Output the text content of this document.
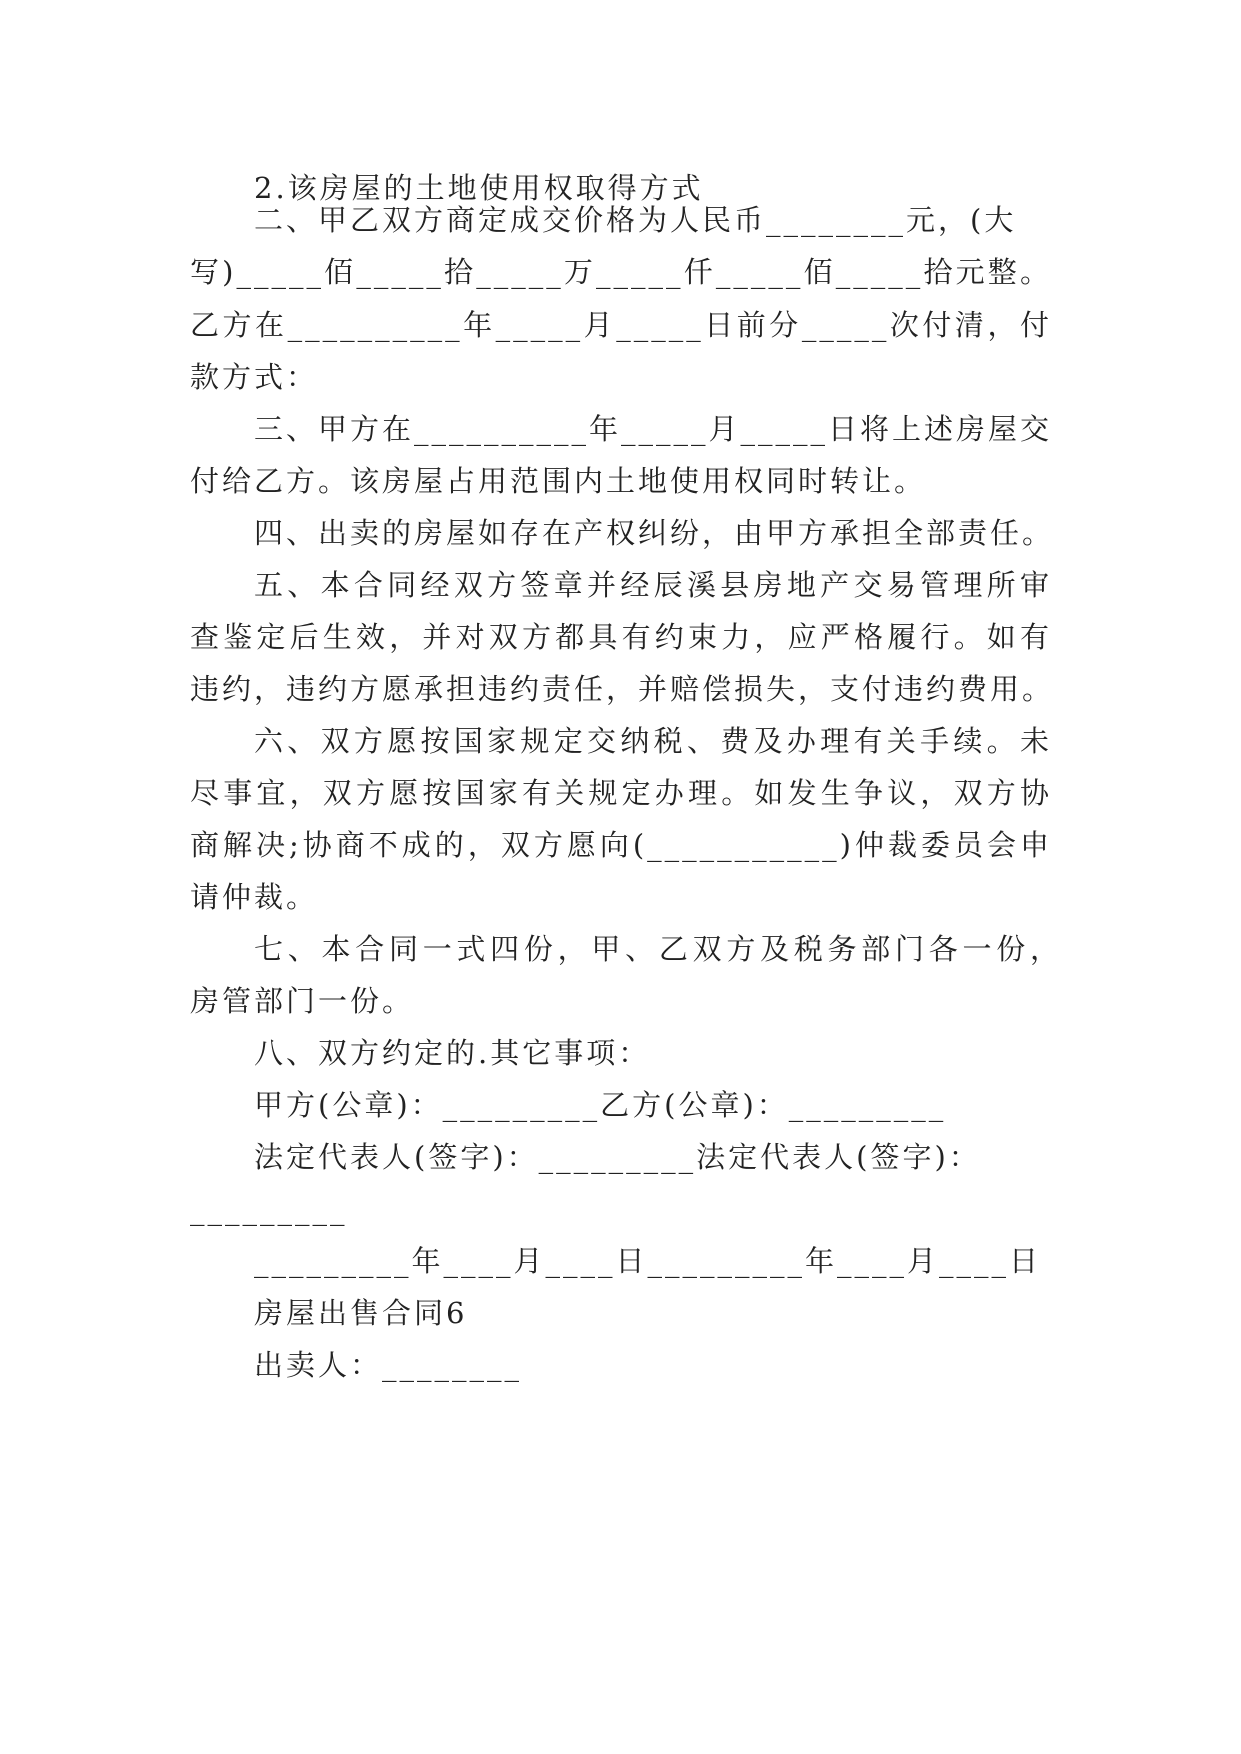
2.该房屋的土地使用权取得方式
二、甲乙双方商定成交价格为人民币________元，(大
写)_____佰_____拾_____万_____仟_____佰_____拾元整。
乙方在__________年_____月_____日前分_____次付清，付
款方式：
三、甲方在__________年_____月_____日将上述房屋交
付给乙方。该房屋占用范围内土地使用权同时转让。
四、出卖的房屋如存在产权纠纷，由甲方承担全部责任。
五、本合同经双方签章并经辰溪县房地产交易管理所审
查鉴定后生效，并对双方都具有约束力，应严格履行。如有
违约，违约方愿承担违约责任，并赔偿损失，支付违约费用。
六、双方愿按国家规定交纳税、费及办理有关手续。未
尽事宜，双方愿按国家有关规定办理。如发生争议，双方协
商解决;协商不成的，双方愿向(___________)仲裁委员会申
请仲裁。
七、本合同一式四份，甲、乙双方及税务部门各一份，
房管部门一份。
八、双方约定的.其它事项：
甲方(公章)：_________乙方(公章)：_________
法定代表人(签字)：_________法定代表人(签字)：
_________
_________年____月____日_________年____月____日
房屋出售合同6
出卖人：________
